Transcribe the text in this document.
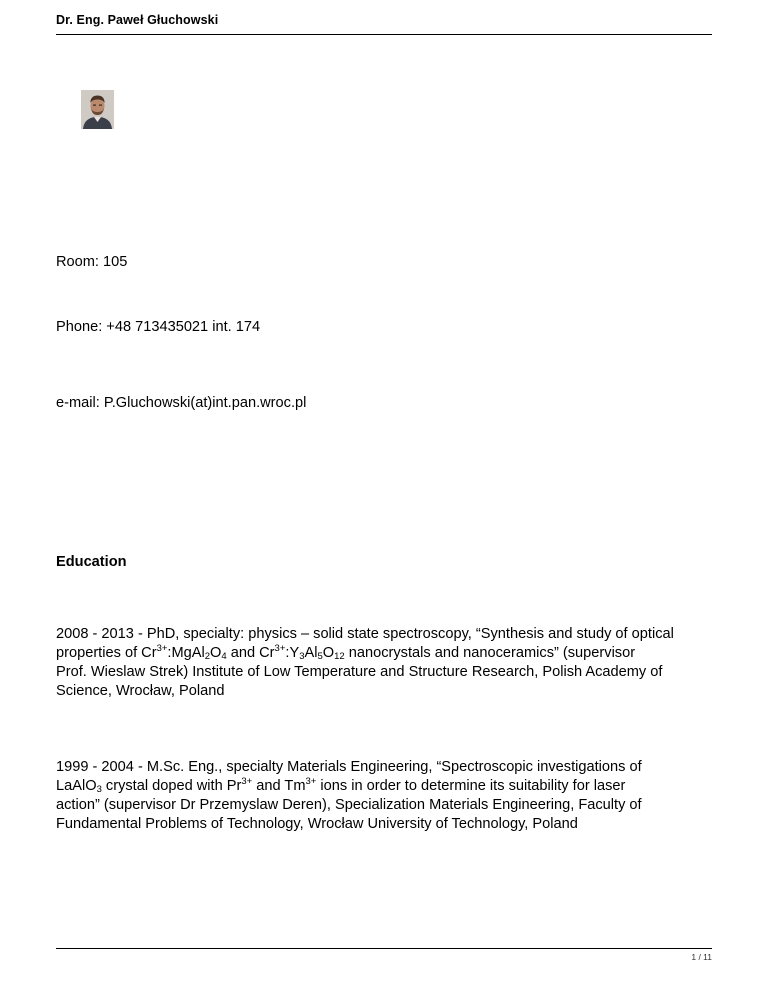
Dr. Eng. Paweł Głuchowski
Room: 105
Phone: +48 713435021 int. 174
e-mail: P.Gluchowski(at)int.pan.wroc.pl
Education
2008 - 2013 - PhD, specialty: physics – solid state spectroscopy, “Synthesis and study of optical
properties of $Cr^{3+}:MgAl_2O_4$ and $Cr^{3+}:Y_3Al_5O_{12}$ nanocrystals and nanoceramics” (supervisor
Prof. Wieslaw Strek) Institute of Low Temperature and Structure Research, Polish Academy of
Science, Wrocław, Poland
1999 - 2004 - M.Sc. Eng., specialty Materials Engineering, “Spectroscopic investigations of
LaAlO$_3$ crystal doped with $Pr^{3+}$ and $Tm^{3+}$ ions in order to determine its suitability for laser
action” (supervisor Dr Przemyslaw Deren), Specialization Materials Engineering, Faculty of
Fundamental Problems of Technology, Wrocław University of Technology, Poland
1 / 11
